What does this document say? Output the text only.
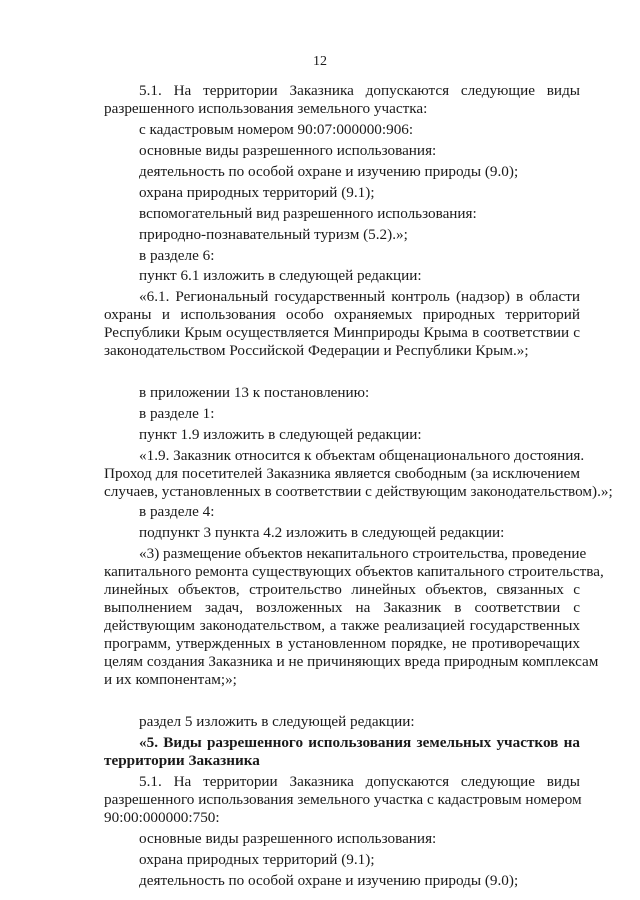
12
5.1. На территории Заказника допускаются следующие виды
разрешенного использования земельного участка:
с кадастровым номером 90:07:000000:906:
основные виды разрешенного использования:
деятельность по особой охране и изучению природы (9.0);
охрана природных территорий (9.1);
вспомогательный вид разрешенного использования:
природно-познавательный туризм (5.2).»;
в разделе 6:
пункт 6.1 изложить в следующей редакции:
«6.1. Региональный государственный контроль (надзор) в области
охраны и использования особо охраняемых природных территорий
Республики Крым осуществляется Минприроды Крыма в соответствии с
законодательством Российской Федерации и Республики Крым.»;
в приложении 13 к постановлению:
в разделе 1:
пункт 1.9 изложить в следующей редакции:
«1.9. Заказник относится к объектам общенационального достояния.
Проход для посетителей Заказника является свободным (за исключением
случаев, установленных в соответствии с действующим законодательством).»;
в разделе 4:
подпункт 3 пункта 4.2 изложить в следующей редакции:
«3) размещение объектов некапитального строительства, проведение
капитального ремонта существующих объектов капитального строительства,
линейных объектов, строительство линейных объектов, связанных с
выполнением задач, возложенных на Заказник в соответствии с
действующим законодательством, а также реализацией государственных
программ, утвержденных в установленном порядке, не противоречащих
целям создания Заказника и не причиняющих вреда природным комплексам
и их компонентам;»;
раздел 5 изложить в следующей редакции:
«5. Виды разрешенного использования земельных участков на
территории Заказника
5.1. На территории Заказника допускаются следующие виды
разрешенного использования земельного участка с кадастровым номером
90:00:000000:750:
основные виды разрешенного использования:
охрана природных территорий (9.1);
деятельность по особой охране и изучению природы (9.0);
